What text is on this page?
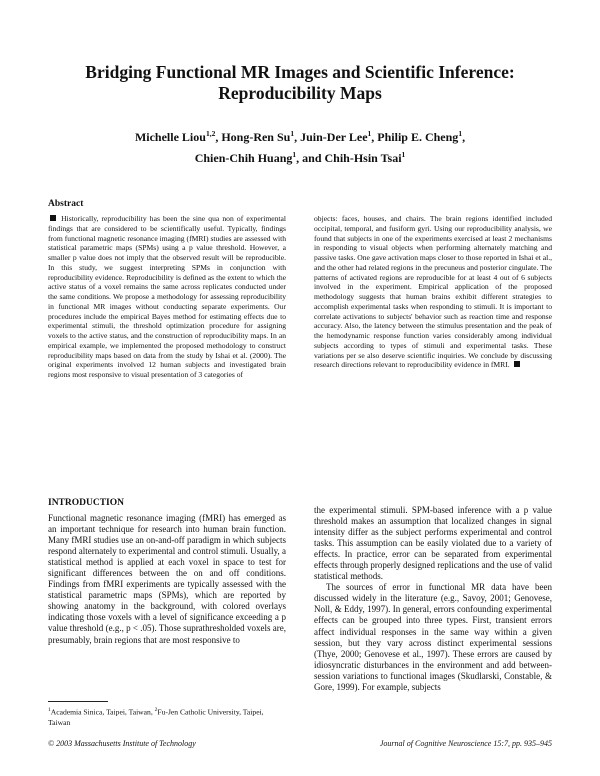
Bridging Functional MR Images and Scientific Inference:
Reproducibility Maps
Michelle Liou$^{1,2}$, Hong-Ren Su$^1$, Juin-Der Lee$^1$, Philip E. Cheng$^1$,
Chien-Chih Huang$^1$, and Chih-Hsin Tsai$^1$
Abstract
Historically, reproducibility has been the sine qua non of experimental findings that are considered to be scientifically useful. Typically, findings from functional magnetic resonance imaging (fMRI) studies are assessed with statistical parametric maps (SPMs) using a p value threshold. However, a smaller p value does not imply that the observed result will be reproducible. In this study, we suggest interpreting SPMs in conjunction with reproducibility evidence. Reproducibility is defined as the extent to which the active status of a voxel remains the same across replicates conducted under the same conditions. We propose a methodology for assessing reproducibility in functional MR images without conducting separate experiments. Our procedures include the empirical Bayes method for estimating effects due to experimental stimuli, the threshold optimization procedure for assigning voxels to the active status, and the construction of reproducibility maps. In an empirical example, we implemented the proposed methodology to construct reproducibility maps based on data from the study by Ishai et al. (2000). The original experiments involved 12 human subjects and investigated brain regions most responsive to visual presentation of 3 categories of
objects: faces, houses, and chairs. The brain regions identified included occipital, temporal, and fusiform gyri. Using our reproducibility analysis, we found that subjects in one of the experiments exercised at least 2 mechanisms in responding to visual objects when performing alternately matching and passive tasks. One gave activation maps closer to those reported in Ishai et al., and the other had related regions in the precuneus and posterior cingulate. The patterns of activated regions are reproducible for at least 4 out of 6 subjects involved in the experiment. Empirical application of the proposed methodology suggests that human brains exhibit different strategies to accomplish experimental tasks when responding to stimuli. It is important to correlate activations to subjects' behavior such as reaction time and response accuracy. Also, the latency between the stimulus presentation and the peak of the hemodynamic response function varies considerably among individual subjects according to types of stimuli and experimental tasks. These variations per se also deserve scientific inquiries. We conclude by discussing research directions relevant to reproducibility evidence in fMRI.
INTRODUCTION

Functional magnetic resonance imaging (fMRI) has emerged as an important technique for research into human brain function. Many fMRI studies use an on-and-off paradigm in which subjects respond alternately to experimental and control stimuli. Usually, a statistical method is applied at each voxel in space to test for significant differences between the on and off conditions. Findings from fMRI experiments are typically assessed with the statistical parametric maps (SPMs), which are reported by showing anatomy in the background, with colored overlays indicating those voxels with a level of significance exceeding a p value threshold (e.g., p < .05). Those suprathresholded voxels are, presumably, brain regions that are most responsive to

the experimental stimuli. SPM-based inference with a p value threshold makes an assumption that localized changes in signal intensity differ as the subject performs experimental and control tasks. This assumption can be easily violated due to a variety of effects. In practice, error can be separated from experimental effects through properly designed replications and the use of valid statistical methods.

The sources of error in functional MR data have been discussed widely in the literature (e.g., Savoy, 2001; Genovese, Noll, & Eddy, 1997). In general, errors confounding experimental effects can be grouped into three types. First, transient errors affect individual responses in the same way within a given session, but they vary across distinct experimental sessions (Thye, 2000; Genovese et al., 1997). These errors are caused by idiosyncratic disturbances in the environment and add between-session variations to functional images (Skudlarski, Constable, & Gore, 1999). For example, subjects

$^1$Academia Sinica, Taipei, Taiwan, $^2$Fu-Jen Catholic University, Taipei, Taiwan
© 2003 Massachusetts Institute of Technology	Journal of Cognitive Neuroscience 15:7, pp. 935–945
